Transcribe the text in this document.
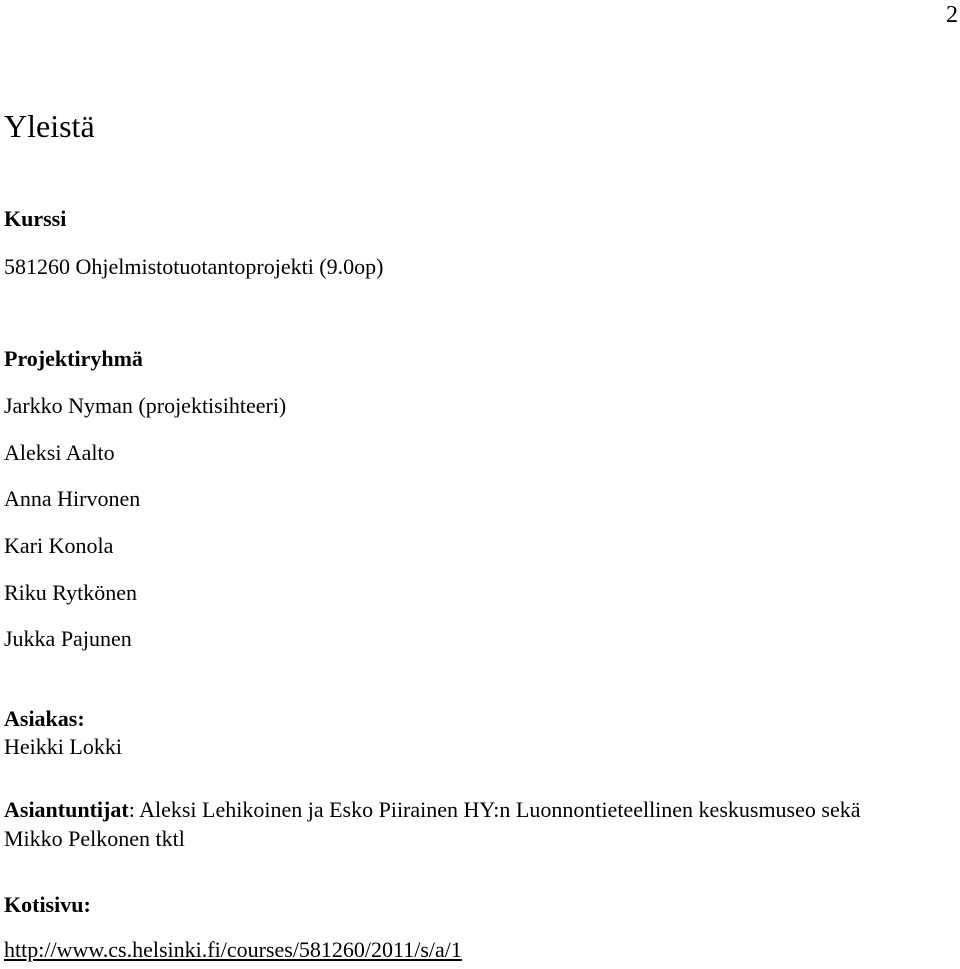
2
Yleistä
Kurssi
581260 Ohjelmistotuotantoprojekti (9.0op)
Projektiryhmä
Jarkko Nyman (projektisihteeri)
Aleksi Aalto
Anna Hirvonen
Kari Konola
Riku Rytkönen
Jukka Pajunen
Asiakas:
Heikki Lokki
Asiantuntijat: Aleksi Lehikoinen ja Esko Piirainen HY:n Luonnontieteellinen keskusmuseo sekä Mikko Pelkonen tktl
Kotisivu:
http://www.cs.helsinki.fi/courses/581260/2011/s/a/1
